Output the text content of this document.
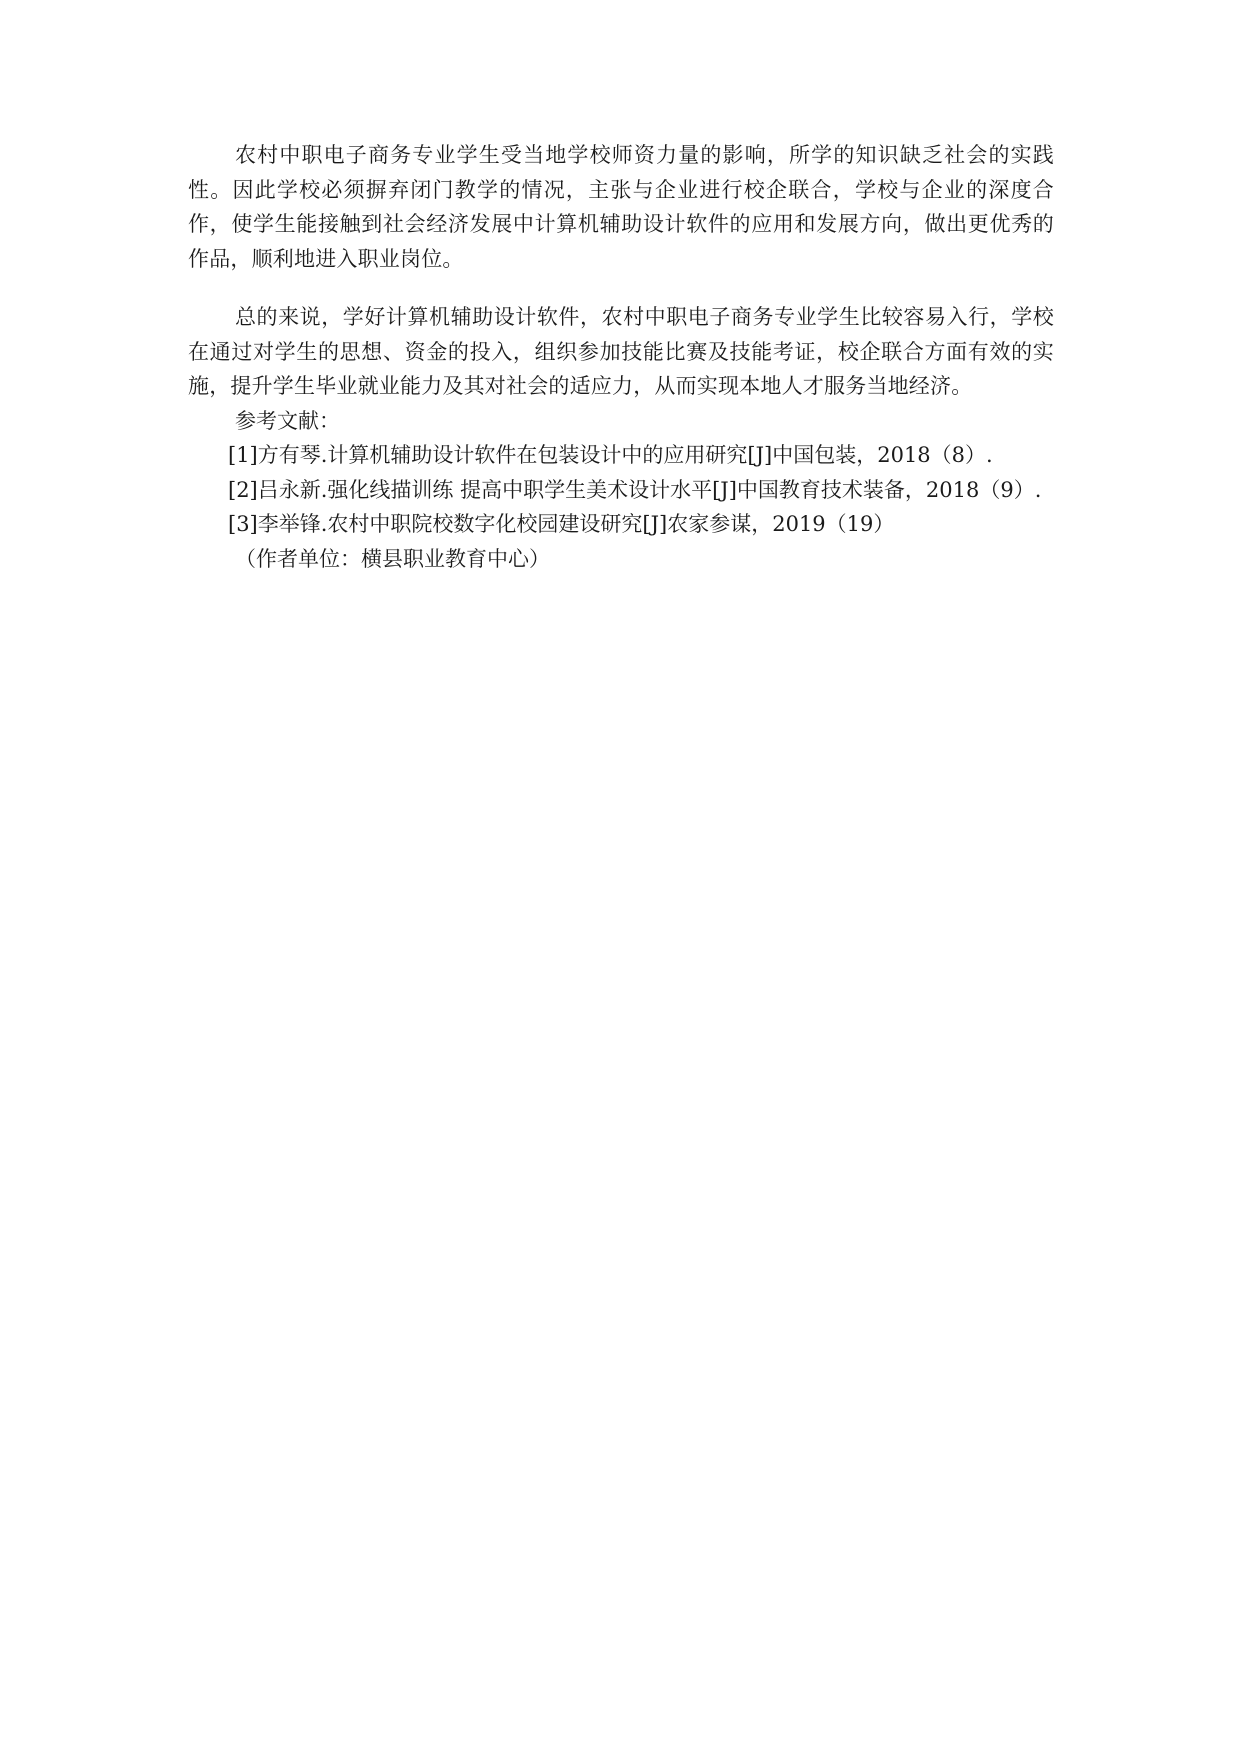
农村中职电子商务专业学生受当地学校师资力量的影响，所学的知识缺乏社会的实践性。因此学校必须摒弃闭门教学的情况，主张与企业进行校企联合，学校与企业的深度合作，使学生能接触到社会经济发展中计算机辅助设计软件的应用和发展方向，做出更优秀的作品，顺利地进入职业岗位。

总的来说，学好计算机辅助设计软件，农村中职电子商务专业学生比较容易入行，学校在通过对学生的思想、资金的投入，组织参加技能比赛及技能考证，校企联合方面有效的实施，提升学生毕业就业能力及其对社会的适应力，从而实现本地人才服务当地经济。

参考文献：

[1]方有琴.计算机辅助设计软件在包装设计中的应用研究[J]中国包装，2018（8）.

[2]吕永新.强化线描训练 提高中职学生美术设计水平[J]中国教育技术装备，2018（9）.

[3]李举锋.农村中职院校数字化校园建设研究[J]农家参谋，2019（19）

（作者单位：横县职业教育中心）
